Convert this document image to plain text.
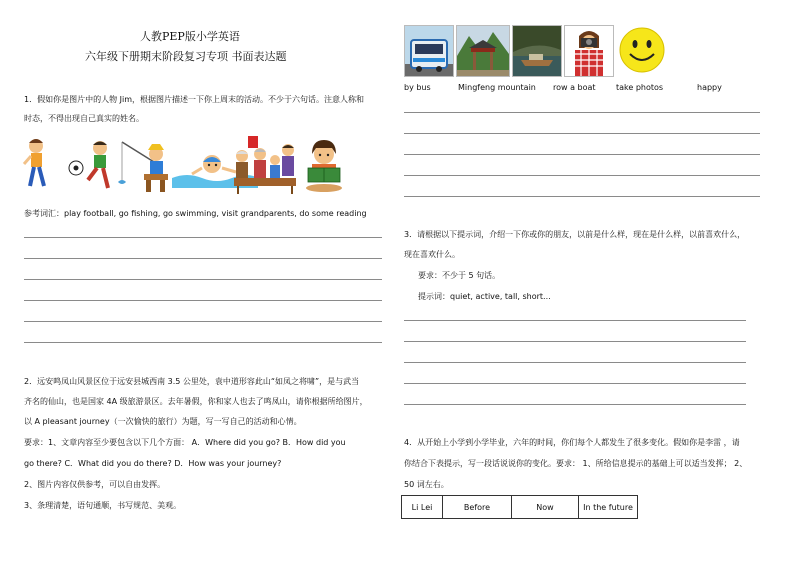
人教PEP版小学英语
六年级下册期末阶段复习专项 书面表达题
1．假如你是图片中的人物 Jim，根据图片描述一下你上周末的活动。不少于六句话。注意人称和
时态，不得出现自己真实的姓名。
参考词汇：play football, go fishing, go swimming, visit grandparents, do some reading
2．远安鸣凤山风景区位于远安县城西南 3.5 公里处，袁中道形容此山“如凤之将啸”，是与武当
齐名的仙山，也是国家 4A 级旅游景区。去年暑假，你和家人也去了鸣凤山，请你根据所给图片，
以 A pleasant journey（一次愉快的旅行）为题，写一写自己的活动和心情。
要求：1、文章内容至少要包含以下几个方面： A．Where did you go? B．How did you
go there? C．What did you do there? D．How was your journey?
2、图片内容仅供参考，可以自由发挥。
3、条理清楚，语句通顺，书写规范、美观。
by bus	Mingfeng mountain row a boat	take photos	happy
3．请根据以下提示词，介绍一下你或你的朋友，以前是什么样，现在是什么样，以前喜欢什么，
现在喜欢什么。
要求：不少于 5 句话。
提示词：quiet, active, tall, short...
4．从开始上小学到小学毕业，六年的时间，你们每个人都发生了很多变化。假如你是李雷 ，请
你结合下表提示，写一段话说说你的变化。要求： 1、所给信息提示的基础上可以适当发挥； 2、
50 词左右。
Li Lei	Before	Now	In the future
